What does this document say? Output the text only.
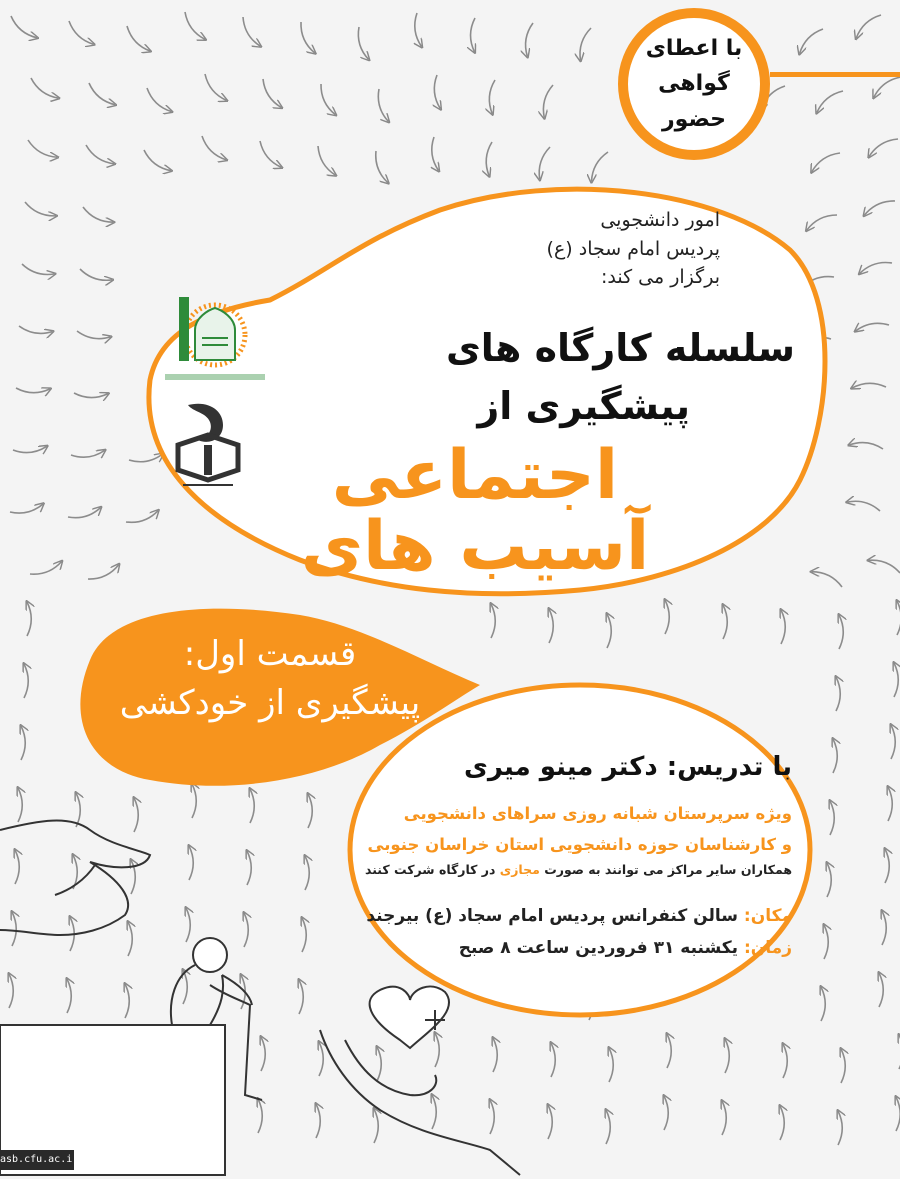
با اعطای
گواهی حضور
امور دانشجویی
پردیس امام سجاد (ع)
برگزار می کند:
سلسله کارگاه های
پیشگیری از
اجتماعی
آسیب های
قسمت اول:
پیشگیری از خودکشی
با تدریس: دکتر مینو میری
ویژه سرپرستان شبانه روزی سراهای دانشجویی
و کارشناسان حوزه دانشجویی استان خراسان جنوبی
همکاران سایر مراکز می توانند به صورت مجازی در کارگاه شرکت کنند
مکان: سالن کنفرانس پردیس امام سجاد (ع) بیرجند
زمان: یکشنبه ۳۱ فروردین ساعت ۸ صبح
asb.cfu.ac.ir
